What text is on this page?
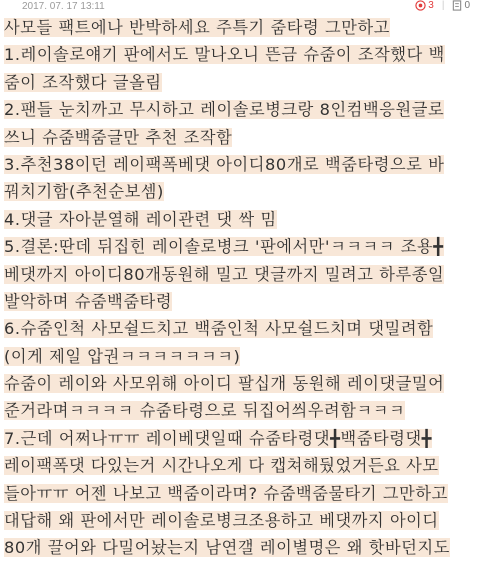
2017. 07. 17 13:11	3 | 0
사모들 팩트에나 반박하세요 주특기 줌타령 그만하고
1.레이솔로얘기 판에서도 말나오니 뜬금 슈줌이 조작했다 백
줌이 조작했다 글올림
2.팬들 눈치까고 무시하고 레이솔로병크랑 8인컴백응원글로
쓰니 슈줌백줌글만 추천 조작함
3.추천38이던 레이팩폭베댓 아이디80개로 백줌타령으로 바
꿔치기함(추천순보셈)
4.댓글 자아분열해 레이관련 댓 싹 밈
5.결론:딴데 뒤집힌 레이솔로병크 '판에서만'ㅋㅋㅋㅋ 조용╋
베댓까지 아이디80개동원해 밀고 댓글까지 밀려고 하루종일
발악하며 슈줌백줌타령
6.슈줌인척 사모쉴드치고 백줌인척 사모쉴드치며 댓밀려함
(이게 제일 압권ㅋㅋㅋㅋㅋㅋㅋ)
슈줌이 레이와 사모위해 아이디 팔십개 동원해 레이댓글밀어
준거라며ㅋㅋㅋㅋ 슈줌타령으로 뒤집어씌우려함ㅋㅋㅋ
7.근데 어쩌나ㅠㅠ 레이베댓일때 슈줌타령댓╋백줌타령댓╋
레이팩폭댓 다있는거 시간나오게 다 캡쳐해뒀었거든요 사모
들아ㅠㅠ 어젠 나보고 백줌이라며? 슈줌백줌물타기 그만하고
대답해 왜 판에서만 레이솔로병크조용하고 베댓까지 아이디
80개 끌어와 다밀어놨는지 남연갤 레이별명은 왜 핫바던지도
